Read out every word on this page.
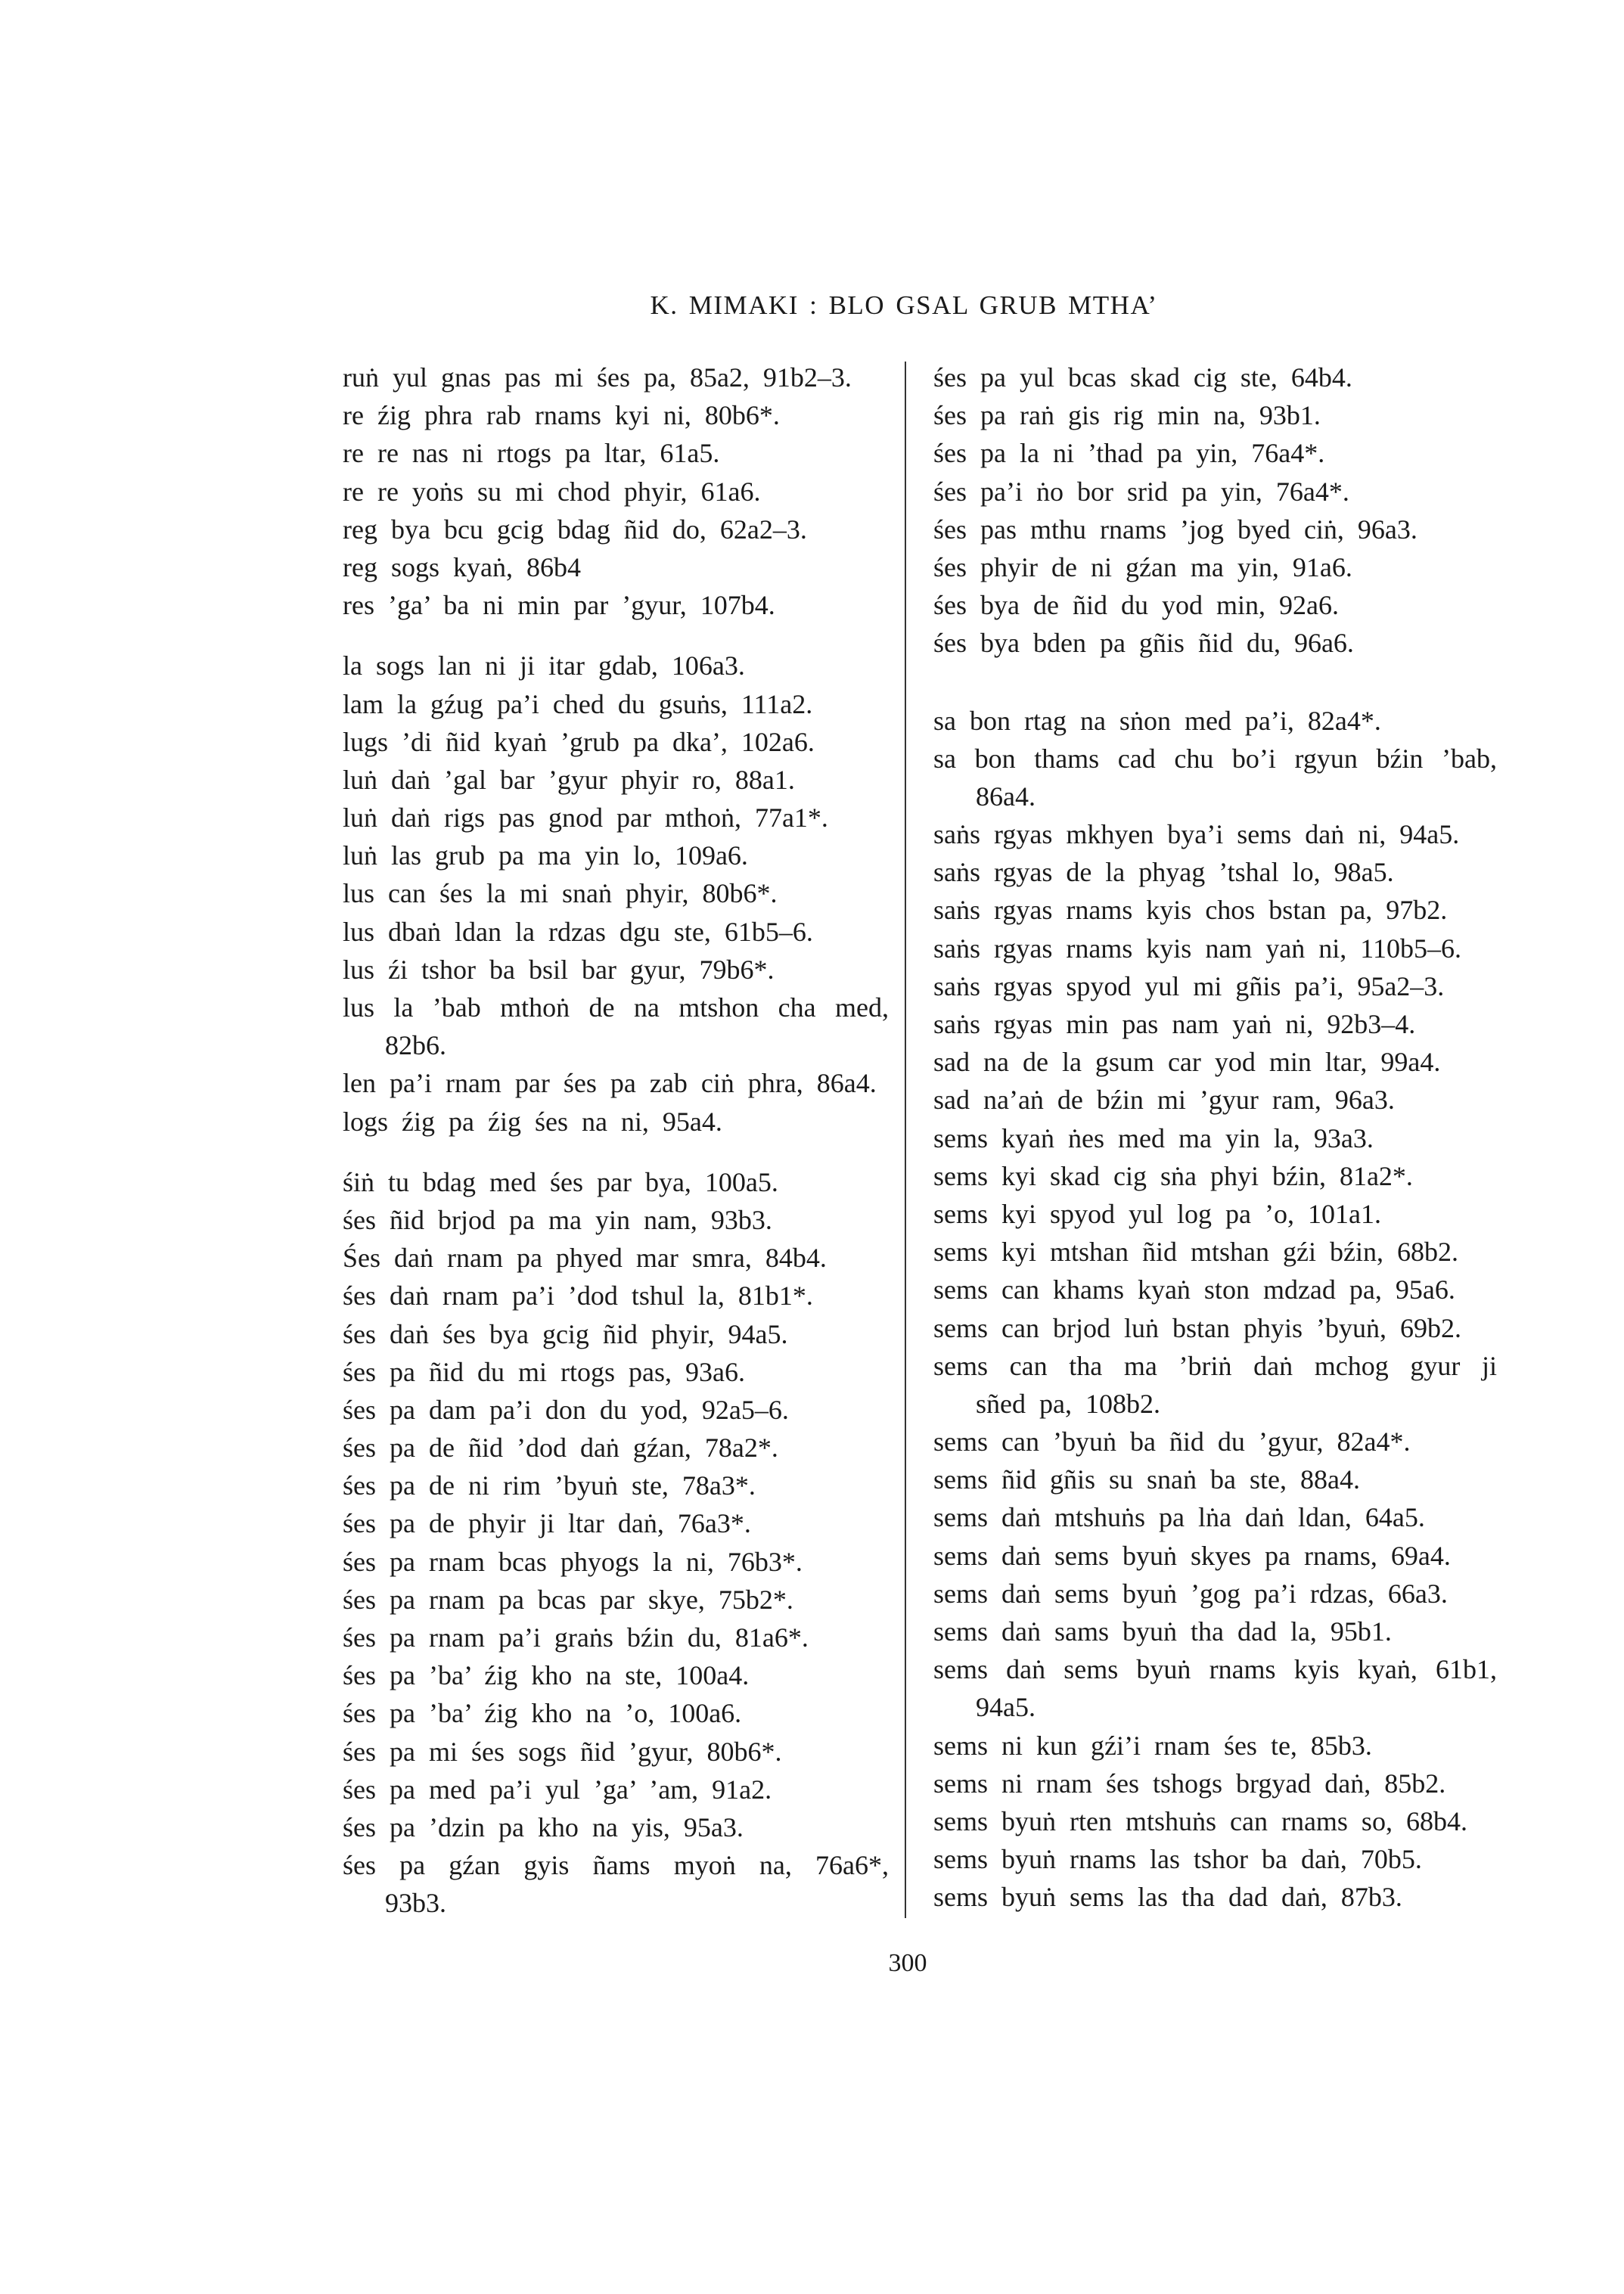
K. MIMAKI : BLO GSAL GRUB MTHA’
ruṅ yul gnas pas mi śes pa, 85a2, 91b2–3.
re źig phra rab rnams kyi ni, 80b6*.
re re nas ni rtogs pa ltar, 61a5.
re re yoṅs su mi chod phyir, 61a6.
reg bya bcu gcig bdag ñid do, 62a2–3.
reg sogs kyaṅ, 86b4
res ’ga’ ba ni min par ’gyur, 107b4.
la sogs lan ni ji itar gdab, 106a3.
lam la gźug pa’i ched du gsuṅs, 111a2.
lugs ’di ñid kyaṅ ’grub pa dka’, 102a6.
luṅ daṅ ’gal bar ’gyur phyir ro, 88a1.
luṅ daṅ rigs pas gnod par mthoṅ, 77a1*.
luṅ las grub pa ma yin lo, 109a6.
lus can śes la mi snaṅ phyir, 80b6*.
lus dbaṅ ldan la rdzas dgu ste, 61b5–6.
lus źi tshor ba bsil bar gyur, 79b6*.
lus la ’bab mthoṅ de na mtshon cha med,
82b6.
len pa’i rnam par śes pa zab ciṅ phra, 86a4.
logs źig pa źig śes na ni, 95a4.
śiṅ tu bdag med śes par bya, 100a5.
śes ñid brjod pa ma yin nam, 93b3.
Śes daṅ rnam pa phyed mar smra, 84b4.
śes daṅ rnam pa’i ’dod tshul la, 81b1*.
śes daṅ śes bya gcig ñid phyir, 94a5.
śes pa ñid du mi rtogs pas, 93a6.
śes pa dam pa’i don du yod, 92a5–6.
śes pa de ñid ’dod daṅ gźan, 78a2*.
śes pa de ni rim ’byuṅ ste, 78a3*.
śes pa de phyir ji ltar daṅ, 76a3*.
śes pa rnam bcas phyogs la ni, 76b3*.
śes pa rnam pa bcas par skye, 75b2*.
śes pa rnam pa’i graṅs bźin du, 81a6*.
śes pa ’ba’ źig kho na ste, 100a4.
śes pa ’ba’ źig kho na ’o, 100a6.
śes pa mi śes sogs ñid ’gyur, 80b6*.
śes pa med pa’i yul ’ga’ ’am, 91a2.
śes pa ’dzin pa kho na yis, 95a3.
śes pa gźan gyis ñams myoṅ na, 76a6*,
93b3.
śes pa yul bcas skad cig ste, 64b4.
śes pa raṅ gis rig min na, 93b1.
śes pa la ni ’thad pa yin, 76a4*.
śes pa’i ṅo bor srid pa yin, 76a4*.
śes pas mthu rnams ’jog byed ciṅ, 96a3.
śes phyir de ni gźan ma yin, 91a6.
śes bya de ñid du yod min, 92a6.
śes bya bden pa gñis ñid du, 96a6.
sa bon rtag na sṅon med pa’i, 82a4*.
sa bon thams cad chu bo’i rgyun bźin ’bab,
86a4.
saṅs rgyas mkhyen bya’i sems daṅ ni, 94a5.
saṅs rgyas de la phyag ’tshal lo, 98a5.
saṅs rgyas rnams kyis chos bstan pa, 97b2.
saṅs rgyas rnams kyis nam yaṅ ni, 110b5–6.
saṅs rgyas spyod yul mi gñis pa’i, 95a2–3.
saṅs rgyas min pas nam yaṅ ni, 92b3–4.
sad na de la gsum car yod min ltar, 99a4.
sad na’aṅ de bźin mi ’gyur ram, 96a3.
sems kyaṅ ṅes med ma yin la, 93a3.
sems kyi skad cig sṅa phyi bźin, 81a2*.
sems kyi spyod yul log pa ’o, 101a1.
sems kyi mtshan ñid mtshan gźi bźin, 68b2.
sems can khams kyaṅ ston mdzad pa, 95a6.
sems can brjod luṅ bstan phyis ’byuṅ, 69b2.
sems can tha ma ’briṅ daṅ mchog gyur ji
sñed pa, 108b2.
sems can ’byuṅ ba ñid du ’gyur, 82a4*.
sems ñid gñis su snaṅ ba ste, 88a4.
sems daṅ mtshuṅs pa lṅa daṅ ldan, 64a5.
sems daṅ sems byuṅ skyes pa rnams, 69a4.
sems daṅ sems byuṅ ’gog pa’i rdzas, 66a3.
sems daṅ sams byuṅ tha dad la, 95b1.
sems daṅ sems byuṅ rnams kyis kyaṅ, 61b1,
94a5.
sems ni kun gźi’i rnam śes te, 85b3.
sems ni rnam śes tshogs brgyad daṅ, 85b2.
sems byuṅ rten mtshuṅs can rnams so, 68b4.
sems byuṅ rnams las tshor ba daṅ, 70b5.
sems byuṅ sems las tha dad daṅ, 87b3.
300
